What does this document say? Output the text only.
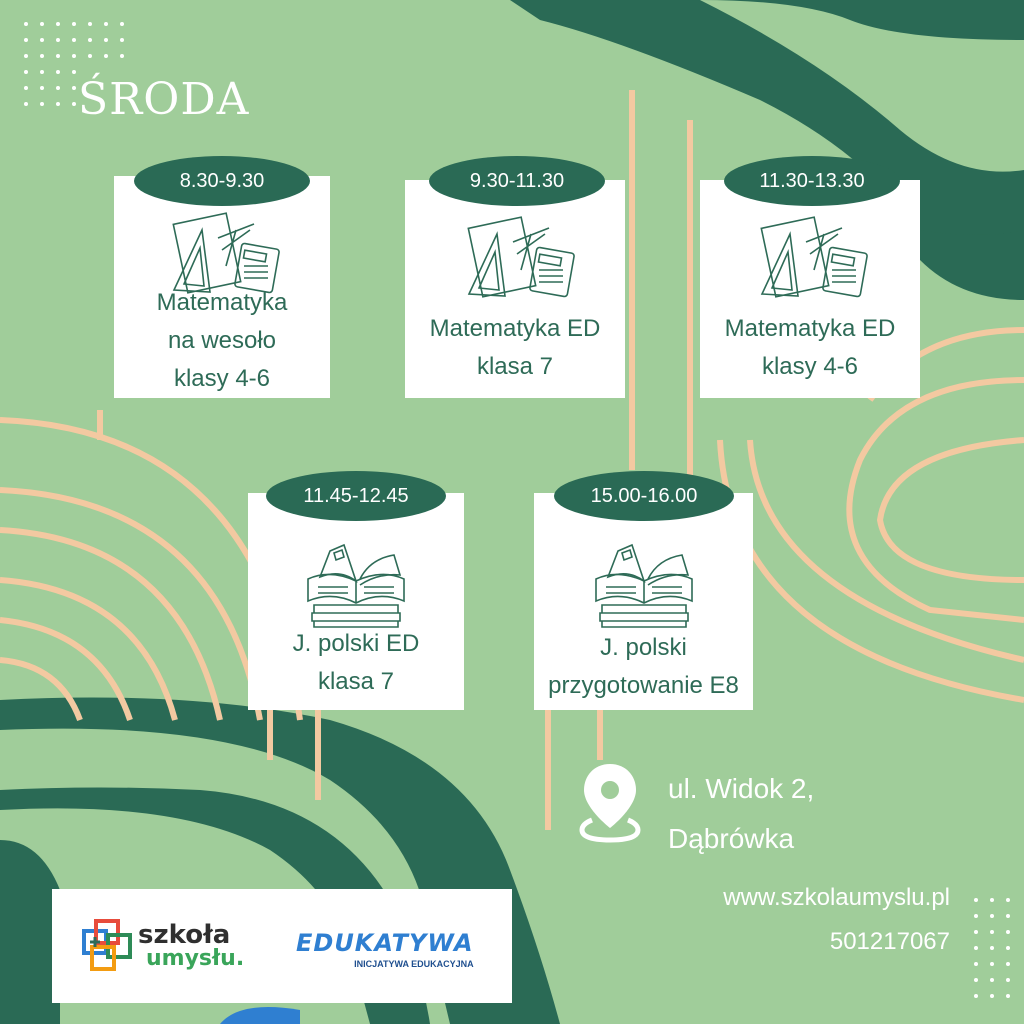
ŚRODA
8.30-9.30
Matematyka
na wesoło
klasy 4-6
9.30-11.30
Matematyka ED
klasa 7
11.30-13.30
Matematyka ED
klasy 4-6
11.45-12.45
J. polski ED
klasa 7
15.00-16.00
J. polski
przygotowanie E8
ul. Widok 2,
Dąbrówka
www.szkolaumyslu.pl
501217067
szkoła
umysłu.
EDUKATYWA
INICJATYWA EDUKACYJNA
